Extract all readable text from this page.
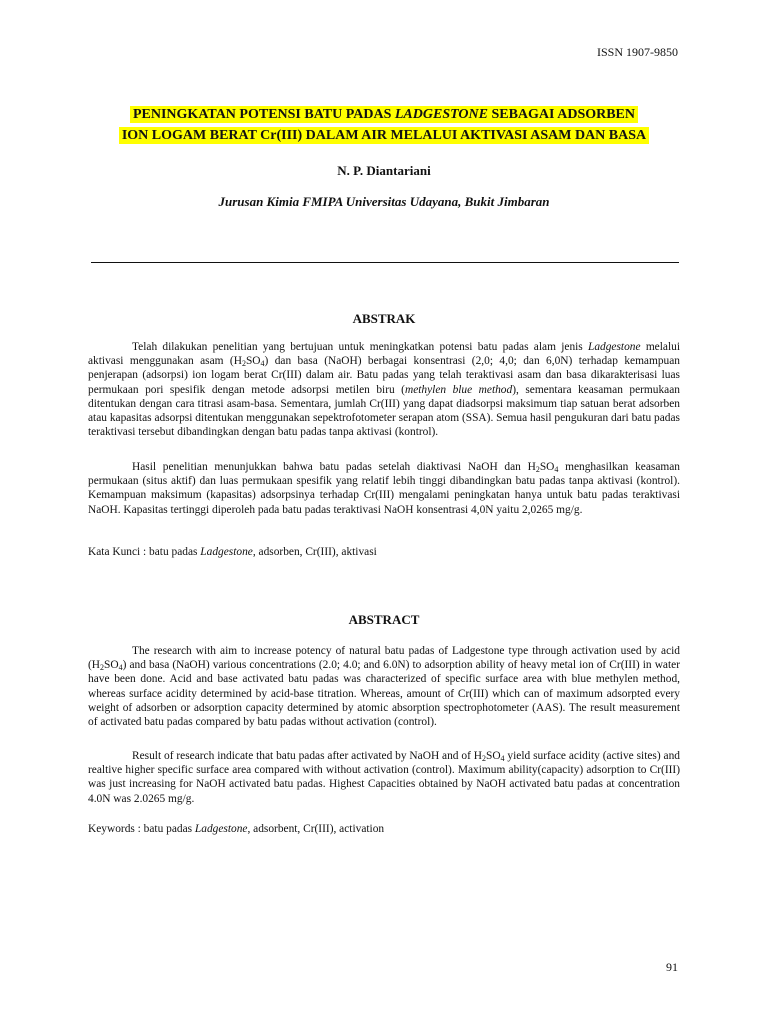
ISSN 1907-9850
PENINGKATAN POTENSI BATU PADAS LADGESTONE SEBAGAI ADSORBEN
ION LOGAM BERAT Cr(III) DALAM AIR MELALUI AKTIVASI ASAM DAN BASA
N. P. Diantariani
Jurusan Kimia FMIPA Universitas Udayana, Bukit Jimbaran
ABSTRAK

Telah dilakukan penelitian yang bertujuan untuk meningkatkan potensi batu padas alam jenis Ladgestone melalui aktivasi menggunakan asam $(H_2SO_4)$ dan basa (NaOH) berbagai konsentrasi (2,0; 4,0; dan 6,0N) terhadap kemampuan penjerapan (adsorpsi) ion logam berat Cr(III) dalam air. Batu padas yang telah teraktivasi asam dan basa dikarakterisasi luas permukaan pori spesifik dengan metode adsorpsi metilen biru (methylen blue method), sementara keasaman permukaan ditentukan dengan cara titrasi asam-basa. Sementara, jumlah Cr(III) yang dapat diadsorpsi maksimum tiap satuan berat adsorben atau kapasitas adsorpsi ditentukan menggunakan sepektrofotometer serapan atom (SSA). Semua hasil pengukuran dari batu padas teraktivasi tersebut dibandingkan dengan batu padas tanpa aktivasi (kontrol).

Hasil penelitian menunjukkan bahwa batu padas setelah diaktivasi NaOH dan $H_2SO_4$ menghasilkan keasaman permukaan (situs aktif) dan luas permukaan spesifik yang relatif lebih tinggi dibandingkan batu padas tanpa aktivasi (kontrol). Kemampuan maksimum (kapasitas) adsorpsinya terhadap Cr(III) mengalami peningkatan hanya untuk batu padas teraktivasi NaOH. Kapasitas tertinggi diperoleh pada batu padas teraktivasi NaOH konsentrasi 4,0N yaitu 2,0265 mg/g.

Kata Kunci : batu padas Ladgestone, adsorben, Cr(III), aktivasi
ABSTRACT

The research with aim to increase potency of natural batu padas of Ladgestone type through activation used by acid $(H_2SO_4)$ and basa (NaOH) various concentrations (2.0; 4.0; and 6.0N) to adsorption ability of heavy metal ion of Cr(III) in water have been done. Acid and base activated batu padas was characterized of specific surface area with blue methylen method, whereas surface acidity determined by acid-base titration. Whereas, amount of Cr(III) which can of maximum adsorpted every weight of adsorben or adsorption capacity determined by atomic absorption spectrophotometer (AAS). The result measurement of activated batu padas compared by batu padas without activation (control).

Result of research indicate that batu padas after activated by NaOH and of $H_2SO_4$ yield surface acidity (active sites) and realtive higher specific surface area compared with without activation (control). Maximum ability(capacity) adsorption to Cr(III) was just increasing for NaOH activated batu padas. Highest Capacities obtained by NaOH activated batu padas at concentration 4.0N was 2.0265 mg/g.

Keywords : batu padas Ladgestone, adsorbent, Cr(III), activation
91
